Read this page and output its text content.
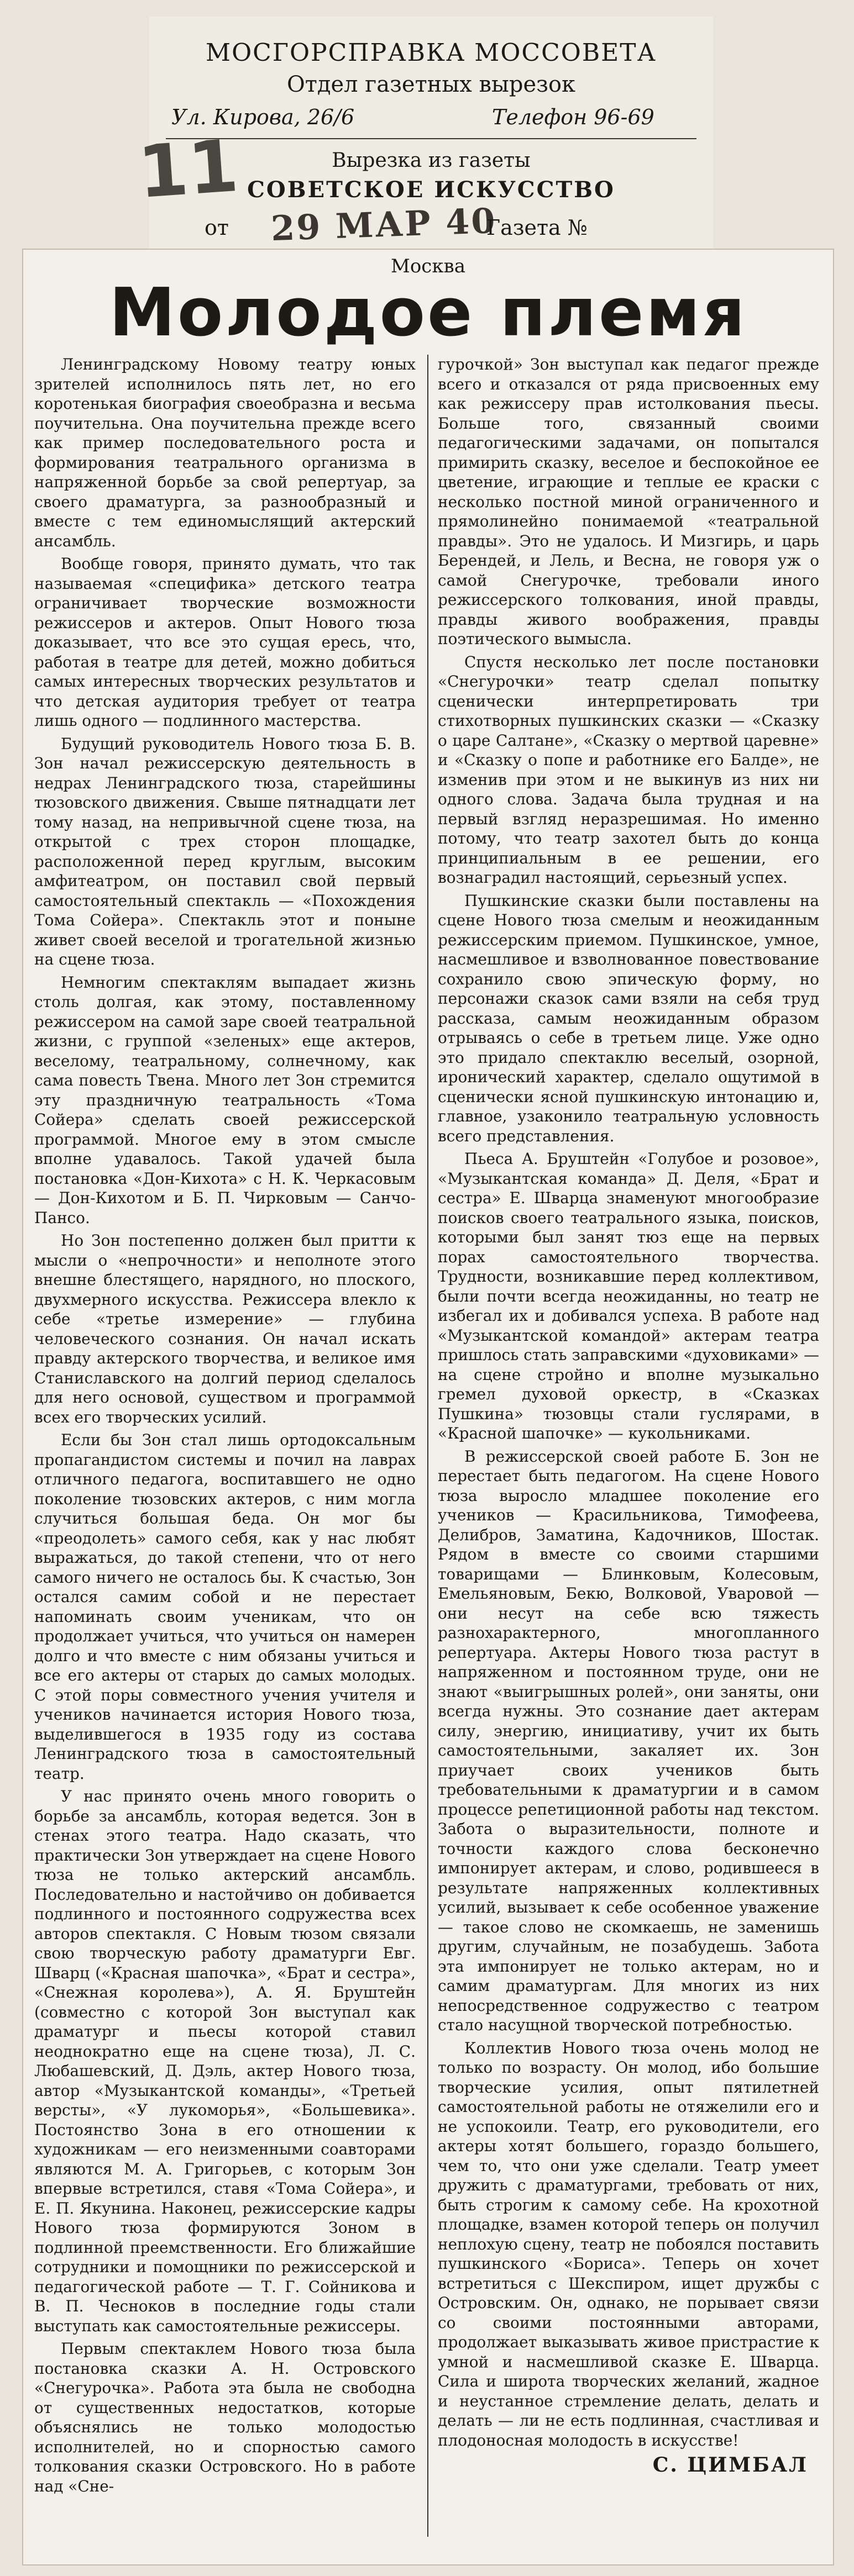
МОСГОРСПРАВКА МОССОВЕТА
Отдел газетных вырезок
Ул. Кирова, 26/6	Телефон 96-69
Вырезка из газеты
СОВЕТСКОЕ ИСКУССТВО
от 29 МАР 40
Газета №
11
Москва
Молодое племя

Ленинградскому Новому театру юных зрителей исполнилось пять лет, но его коротенькая биография своеобразна и весьма поучительна. Она поучительна прежде всего как пример последовательного роста и формирования театрального организма в напряженной борьбе за свой репертуар, за своего драматурга, за разнообразный и вместе с тем единомыслящий актерский ансамбль.

Вообще говоря, принято думать, что так называемая «специфика» детского театра ограничивает творческие возможности режиссеров и актеров. Опыт Нового тюза доказывает, что все это сущая ересь, что, работая в театре для детей, можно добиться самых интересных творческих результатов и что детская аудитория требует от театра лишь одного — подлинного мастерства.

Будущий руководитель Нового тюза Б. В. Зон начал режиссерскую деятельность в недрах Ленинградского тюза, старейшины тюзовского движения. Свыше пятнадцати лет тому назад, на непривычной сцене тюза, на открытой с трех сторон площадке, расположенной перед круглым, высоким амфитеатром, он поставил свой первый самостоятельный спектакль — «Похождения Тома Сойера». Спектакль этот и поныне живет своей веселой и трогательной жизнью на сцене тюза.

Немногим спектаклям выпадает жизнь столь долгая, как этому, поставленному режиссером на самой заре своей театральной жизни, с группой «зеленых» еще актеров, веселому, театральному, солнечному, как сама повесть Твена. Много лет Зон стремится эту праздничную театральность «Тома Сойера» сделать своей режиссерской программой. Многое ему в этом смысле вполне удавалось. Такой удачей была постановка «Дон-Кихота» с Н. К. Черкасовым — Дон-Кихотом и Б. П. Чирковым — Санчо-Пансо.

Но Зон постепенно должен был притти к мысли о «непрочности» и неполноте этого внешне блестящего, нарядного, но плоского, двухмерного искусства. Режиссера влекло к себе «третье измерение» — глубина человеческого сознания. Он начал искать правду актерского творчества, и великое имя Станиславского на долгий период сделалось для него основой, существом и программой всех его творческих усилий.

Если бы Зон стал лишь ортодоксальным пропагандистом системы и почил на лаврах отличного педагога, воспитавшего не одно поколение тюзовских актеров, с ним могла случиться большая беда. Он мог бы «преодолеть» самого себя, как у нас любят выражаться, до такой степени, что от него самого ничего не осталось бы. К счастью, Зон остался самим собой и не перестает напоминать своим ученикам, что он продолжает учиться, что учиться он намерен долго и что вместе с ним обязаны учиться и все его актеры от старых до самых молодых. С этой поры совместного учения учителя и учеников начинается история Нового тюза, выделившегося в 1935 году из состава Ленинградского тюза в самостоятельный театр.

У нас принято очень много говорить о борьбе за ансамбль, которая ведется. Зон в стенах этого театра. Надо сказать, что практически Зон утверждает на сцене Нового тюза не только актерский ансамбль. Последовательно и настойчиво он добивается подлинного и постоянного содружества всех авторов спектакля. С Новым тюзом связали свою творческую работу драматурги Евг. Шварц («Красная шапочка», «Брат и сестра», «Снежная королева»), А. Я. Бруштейн (совместно с которой Зон выступал как драматург и пьесы которой ставил неоднократно еще на сцене тюза), Л. С. Любашевский, Д. Дэль, актер Нового тюза, автор «Музыкантской команды», «Третьей версты», «У лукоморья», «Большевика». Постоянство Зона в его отношении к художникам — его неизменными соавторами являются М. А. Григорьев, с которым Зон впервые встретился, ставя «Тома Сойера», и Е. П. Якунина. Наконец, режиссерские кадры Нового тюза формируются Зоном в подлинной преемственности. Его ближайшие сотрудники и помощники по режиссерской и педагогической работе — Т. Г. Сойникова и В. П. Чесноков в последние годы стали выступать как самостоятельные режиссеры.

Первым спектаклем Нового тюза была постановка сказки А. Н. Островского «Снегурочка». Работа эта была не свободна от существенных недостатков, которые объяснялись не только молодостью исполнителей, но и спорностью самого толкования сказки Островского. Но в работе над «Сне-

гурочкой» Зон выступал как педагог прежде всего и отказался от ряда присвоенных ему как режиссеру прав истолкования пьесы. Больше того, связанный своими педагогическими задачами, он попытался примирить сказку, веселое и беспокойное ее цветение, играющие и теплые ее краски с несколько постной миной ограниченного и прямолинейно понимаемой «театральной правды». Это не удалось. И Мизгирь, и царь Берендей, и Лель, и Весна, не говоря уж о самой Снегурочке, требовали иного режиссерского толкования, иной правды, правды живого воображения, правды поэтического вымысла.

Спустя несколько лет после постановки «Снегурочки» театр сделал попытку сценически интерпретировать три стихотворных пушкинских сказки — «Сказку о царе Салтане», «Сказку о мертвой царевне» и «Сказку о попе и работнике его Балде», не изменив при этом и не выкинув из них ни одного слова. Задача была трудная и на первый взгляд неразрешимая. Но именно потому, что театр захотел быть до конца принципиальным в ее решении, его вознаградил настоящий, серьезный успех.

Пушкинские сказки были поставлены на сцене Нового тюза смелым и неожиданным режиссерским приемом. Пушкинское, умное, насмешливое и взволнованное повествование сохранило свою эпическую форму, но персонажи сказок сами взяли на себя труд рассказа, самым неожиданным образом отрываясь о себе в третьем лице. Уже одно это придало спектаклю веселый, озорной, иронический характер, сделало ощутимой в сценически ясной пушкинскую интонацию и, главное, узаконило театральную условность всего представления.

Пьеса А. Бруштейн «Голубое и розовое», «Музыкантская команда» Д. Деля, «Брат и сестра» Е. Шварца знаменуют многообразие поисков своего театрального языка, поисков, которыми был занят тюз еще на первых порах самостоятельного творчества. Трудности, возникавшие перед коллективом, были почти всегда неожиданны, но театр не избегал их и добивался успеха. В работе над «Музыкантской командой» актерам театра пришлось стать заправскими «духовиками» — на сцене стройно и вполне музыкально гремел духовой оркестр, в «Сказках Пушкина» тюзовцы стали гуслярами, в «Красной шапочке» — кукольниками.

В режиссерской своей работе Б. Зон не перестает быть педагогом. На сцене Нового тюза выросло младшее поколение его учеников — Красильникова, Тимофеева, Делибров, Заматина, Кадочников, Шостак. Рядом в вместе со своими старшими товарищами — Блинковым, Колесовым, Емельяновым, Бекю, Волковой, Уваровой — они несут на себе всю тяжесть разнохарактерного, многопланного репертуара. Актеры Нового тюза растут в напряженном и постоянном труде, они не знают «выигрышных ролей», они заняты, они всегда нужны. Это сознание дает актерам силу, энергию, инициативу, учит их быть самостоятельными, закаляет их. Зон приучает своих учеников быть требовательными к драматургии и в самом процессе репетиционной работы над текстом. Забота о выразительности, полноте и точности каждого слова бесконечно импонирует актерам, и слово, родившееся в результате напряженных коллективных усилий, вызывает к себе особенное уважение — такое слово не скомкаешь, не заменишь другим, случайным, не позабудешь. Забота эта импонирует не только актерам, но и самим драматургам. Для многих из них непосредственное содружество с театром стало насущной творческой потребностью.

Коллектив Нового тюза очень молод не только по возрасту. Он молод, ибо большие творческие усилия, опыт пятилетней самостоятельной работы не отяжелили его и не успокоили. Театр, его руководители, его актеры хотят большего, гораздо большего, чем то, что они уже сделали. Театр умеет дружить с драматургами, требовать от них, быть строгим к самому себе. На крохотной площадке, взамен которой теперь он получил неплохую сцену, театр не побоялся поставить пушкинского «Бориса». Теперь он хочет встретиться с Шекспиром, ищет дружбы с Островским. Он, однако, не порывает связи со своими постоянными авторами, продолжает выказывать живое пристрастие к умной и насмешливой сказке Е. Шварца. Сила и широта творческих желаний, жадное и неустанное стремление делать, делать и делать — ли не есть подлинная, счастливая и плодоносная молодость в искусстве!

С. ЦИМБАЛ
